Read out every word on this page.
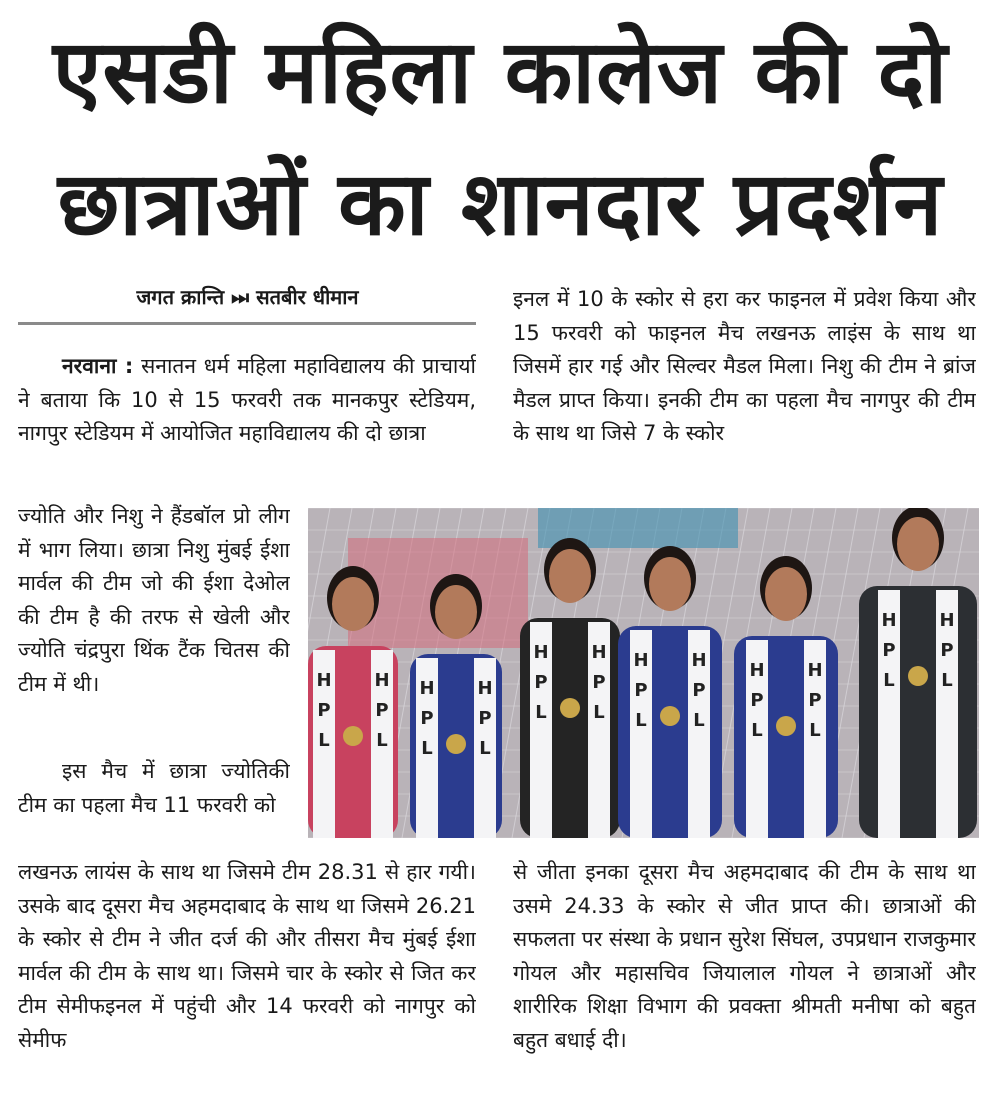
एसडी महिला कालेज की दो
छात्राओं का शानदार प्रदर्शन
जगत क्रान्ति ⏭ सतबीर धीमान

नरवाना : सनातन धर्म महिला महाविद्यालय की प्राचार्या ने बताया कि 10 से 15 फरवरी तक मानकपुर स्टेडियम, नागपुर स्टेडियम में आयोजित महाविद्यालय की दो छात्रा

ज्योति और निशु ने हैंडबॉल प्रो लीग में भाग लिया। छात्रा निशु मुंबई ईशा मार्वल की टीम जो की ईशा देओल की टीम है की तरफ से खेली और ज्योति चंद्रपुरा थिंक टैंक चितस की टीम में थी।

इस मैच में छात्रा ज्योतिकी टीम का पहला मैच 11 फरवरी को

लखनऊ लायंस के साथ था जिसमे टीम 28.31 से हार गयी। उसके बाद दूसरा मैच अहमदाबाद के साथ था जिसमे 26.21 के स्कोर से टीम ने जीत दर्ज की और तीसरा मैच मुंबई ईशा मार्वल की टीम के साथ था। जिसमे चार के स्कोर से जित कर टीम सेमीफइनल में पहुंची और 14 फरवरी को नागपुर को सेमीफ

इनल में 10 के स्कोर से हरा कर फाइनल में प्रवेश किया और 15 फरवरी को फाइनल मैच लखनऊ लाइंस के साथ था जिसमें हार गई और सिल्वर मैडल मिला। निशु की टीम ने ब्रांज मैडल प्राप्त किया। इनकी टीम का पहला मैच नागपुर की टीम के साथ था जिसे 7 के स्कोर

से जीता इनका दूसरा मैच अहमदाबाद की टीम के साथ था उसमे 24.33 के स्कोर से जीत प्राप्त की। छात्राओं की सफलता पर संस्था के प्रधान सुरेश सिंघल, उपप्रधान राजकुमार गोयल और महासचिव जियालाल गोयल ने छात्राओं और शारीरिक शिक्षा विभाग की प्रवक्ता श्रीमती मनीषा को बहुत बहुत बधाई दी।

H H
P P
L	L
H H
P P
L	L
H H
P P
L	L
H H
P P
L	L
H H
P P
L	L
H H
P P
L	L
